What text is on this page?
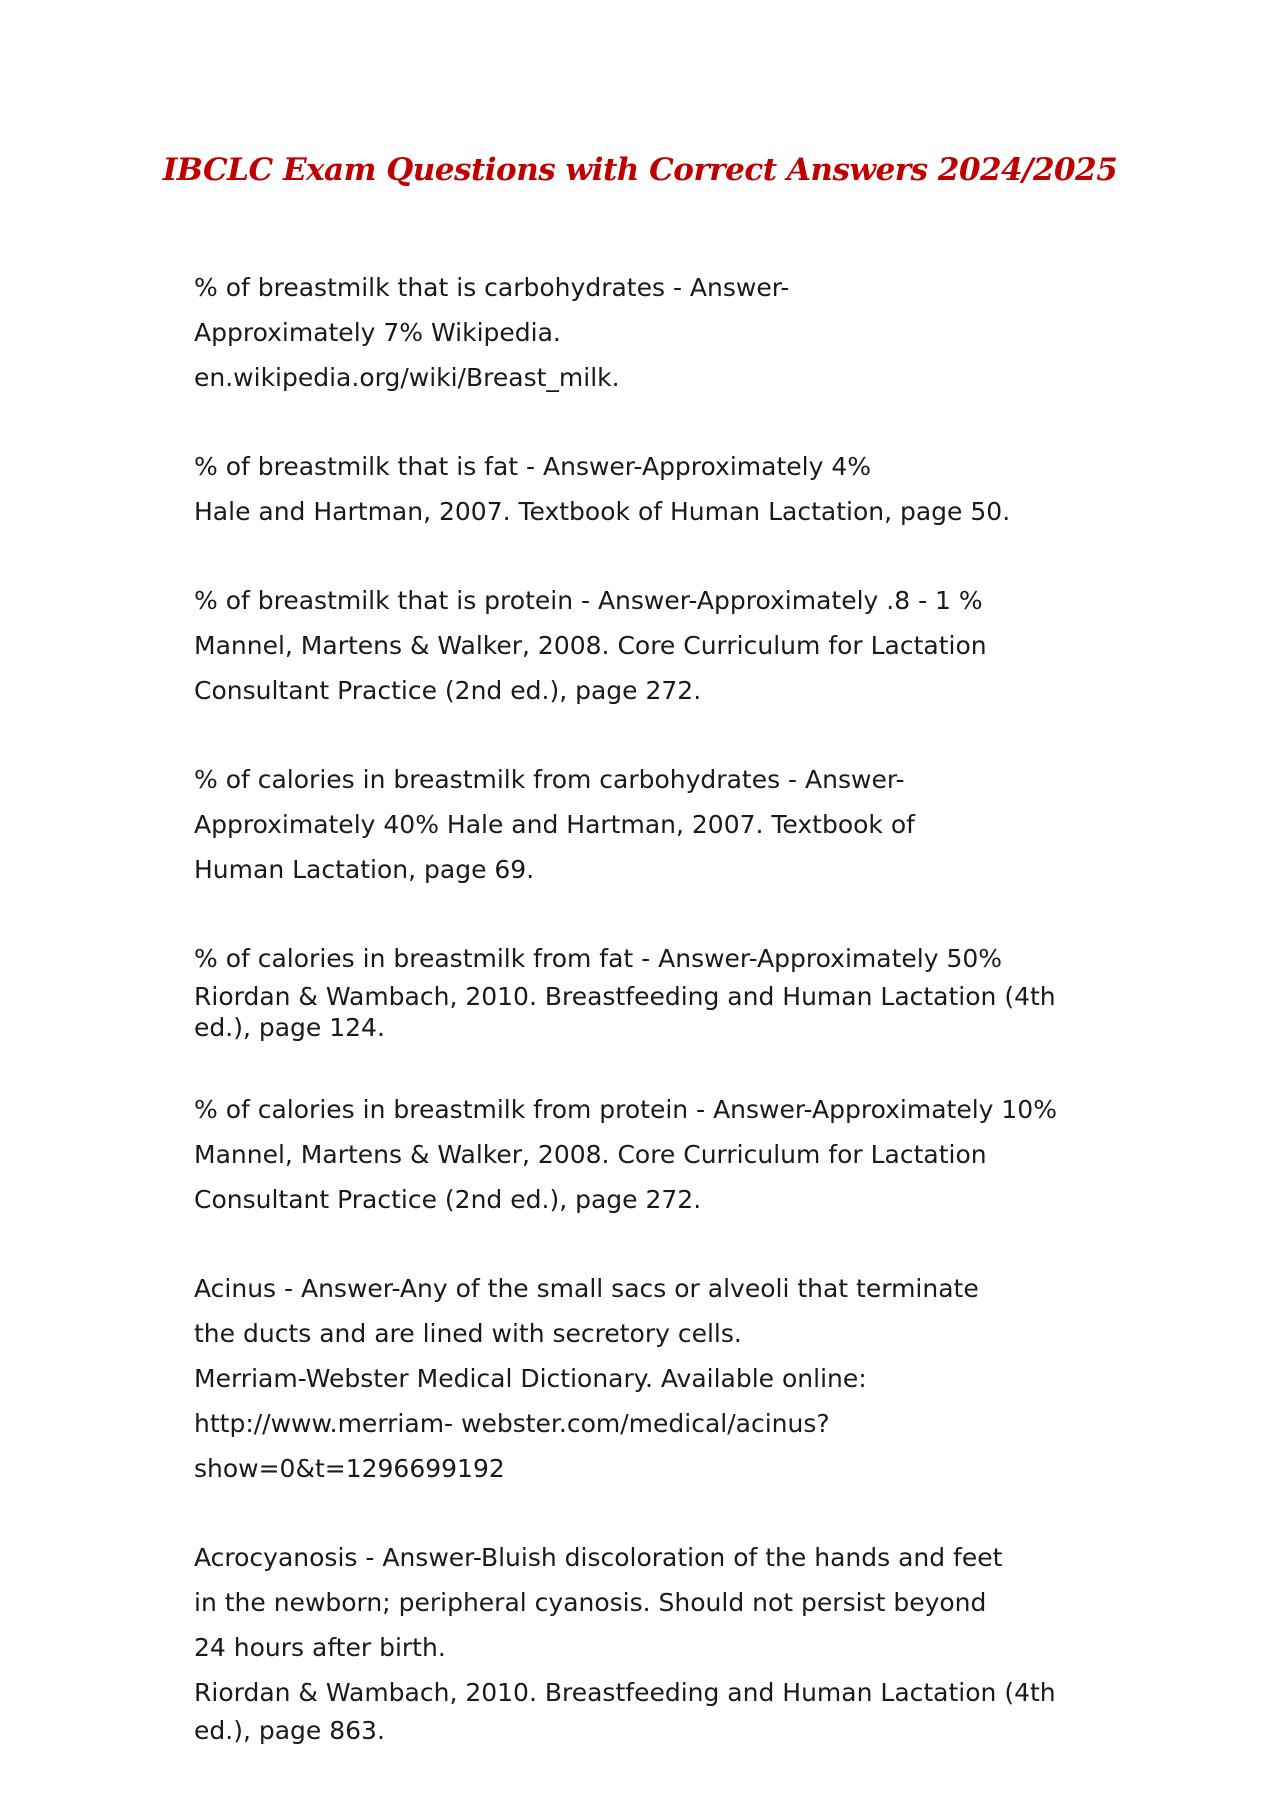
IBCLC Exam Questions with Correct Answers 2024/2025

% of breastmilk that is carbohydrates - Answer-

Approximately 7% Wikipedia.

en.wikipedia.org/wiki/Breast_milk.

% of breastmilk that is fat - Answer-Approximately 4%

Hale and Hartman, 2007. Textbook of Human Lactation, page 50.

% of breastmilk that is protein - Answer-Approximately .8 - 1 %

Mannel, Martens & Walker, 2008. Core Curriculum for Lactation

Consultant Practice (2nd ed.), page 272.

% of calories in breastmilk from carbohydrates - Answer-

Approximately 40% Hale and Hartman, 2007. Textbook of

Human Lactation, page 69.

% of calories in breastmilk from fat - Answer-Approximately 50%

Riordan & Wambach, 2010. Breastfeeding and Human Lactation (4th

ed.), page 124.

% of calories in breastmilk from protein - Answer-Approximately 10%

Mannel, Martens & Walker, 2008. Core Curriculum for Lactation

Consultant Practice (2nd ed.), page 272.

Acinus - Answer-Any of the small sacs or alveoli that terminate

the ducts and are lined with secretory cells.

Merriam-Webster Medical Dictionary. Available online:

http://www.merriam- webster.com/medical/acinus?

show=0&t=1296699192

Acrocyanosis - Answer-Bluish discoloration of the hands and feet

in the newborn; peripheral cyanosis. Should not persist beyond

24 hours after birth.

Riordan & Wambach, 2010. Breastfeeding and Human Lactation (4th

ed.), page 863.
